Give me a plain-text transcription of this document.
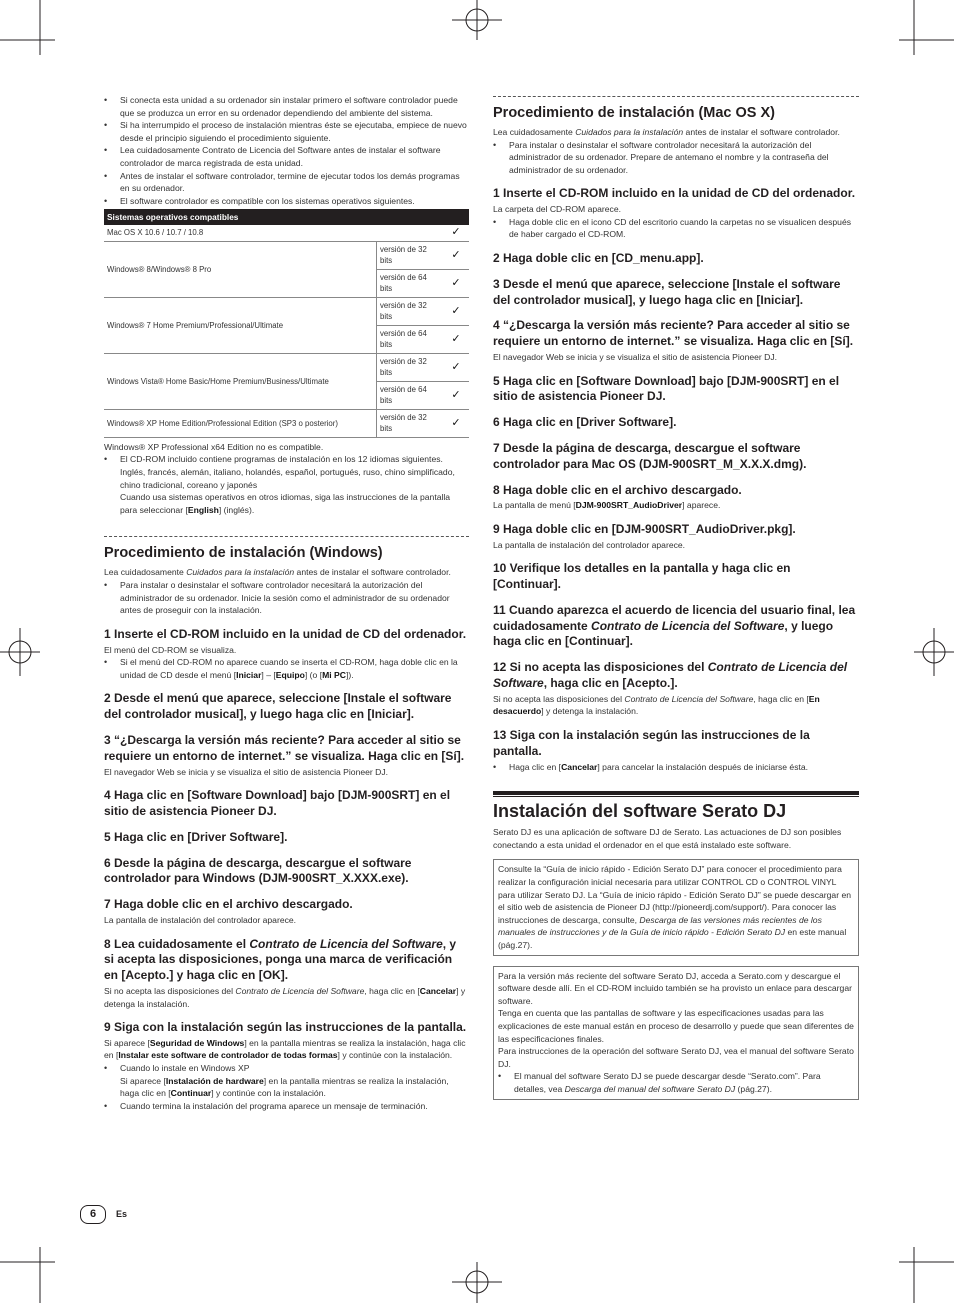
• Si conecta esta unidad a su ordenador sin instalar primero el software controlador puede que se produzca un error en su ordenador dependiendo del ambiente del sistema.
• Si ha interrumpido el proceso de instalación mientras éste se ejecutaba, empiece de nuevo desde el principio siguiendo el procedimiento siguiente.
• Lea cuidadosamente Contrato de Licencia del Software antes de instalar el software controlador de marca registrada de esta unidad.
• Antes de instalar el software controlador, termine de ejecutar todos los demás programas en su ordenador.
• El software controlador es compatible con los sistemas operativos siguientes.
Sistemas operativos compatibles		
Mac OS X 10.6 / 10.7 / 10.8		✓
Windows® 8/Windows® 8 Pro	versión de 32 bits	✓
	versión de 64 bits	✓
Windows® 7 Home Premium/Professional/Ultimate	versión de 32 bits	✓
	versión de 64 bits	✓
Windows Vista® Home Basic/Home Premium/Business/Ultimate	versión de 32 bits	✓
	versión de 64 bits	✓
Windows® XP Home Edition/Professional Edition (SP3 o posterior)	versión de 32 bits	✓

Windows® XP Professional x64 Edition no es compatible.

• El CD-ROM incluido contiene programas de instalación en los 12 idiomas siguientes.
Inglés, francés, alemán, italiano, holandés, español, portugués, ruso, chino simplificado, chino tradicional, coreano y japonés
Cuando usa sistemas operativos en otros idiomas, siga las instrucciones de la pantalla para seleccionar [English] (inglés).
Procedimiento de instalación (Windows)

Lea cuidadosamente Cuidados para la instalación antes de instalar el software controlador.

• Para instalar o desinstalar el software controlador necesitará la autorización del administrador de su ordenador. Inicie la sesión como el administrador de su ordenador antes de proseguir con la instalación.
1 Inserte el CD-ROM incluido en la unidad de CD del ordenador.

El menú del CD-ROM se visualiza.

• Si el menú del CD-ROM no aparece cuando se inserta el CD-ROM, haga doble clic en la unidad de CD desde el menú [Iniciar] – [Equipo] (o [Mi PC]).
2 Desde el menú que aparece, seleccione [Instale el software del controlador musical], y luego haga clic en [Iniciar].
3 “¿Descarga la versión más reciente? Para acceder al sitio se requiere un entorno de internet.” se visualiza. Haga clic en [Sí].

El navegador Web se inicia y se visualiza el sitio de asistencia Pioneer DJ.

4 Haga clic en [Software Download] bajo [DJM-900SRT] en el sitio de asistencia Pioneer DJ.
5 Haga clic en [Driver Software].
6 Desde la página de descarga, descargue el software controlador para Windows (DJM-900SRT_X.XXX.exe).
7 Haga doble clic en el archivo descargado.

La pantalla de instalación del controlador aparece.

8 Lea cuidadosamente el Contrato de Licencia del Software, y si acepta las disposiciones, ponga una marca de verificación en [Acepto.] y haga clic en [OK].

Si no acepta las disposiciones del Contrato de Licencia del Software, haga clic en [Cancelar] y detenga la instalación.

9 Siga con la instalación según las instrucciones de la pantalla.

Si aparece [Seguridad de Windows] en la pantalla mientras se realiza la instalación, haga clic en [Instalar este software de controlador de todas formas] y continúe con la instalación.

• Cuando lo instale en Windows XP
Si aparece [Instalación de hardware] en la pantalla mientras se realiza la instalación, haga clic en [Continuar] y continúe con la instalación.
• Cuando termina la instalación del programa aparece un mensaje de terminación.
Procedimiento de instalación (Mac OS X)

Lea cuidadosamente Cuidados para la instalación antes de instalar el software controlador.

• Para instalar o desinstalar el software controlador necesitará la autorización del administrador de su ordenador. Prepare de antemano el nombre y la contraseña del administrador de su ordenador.
1 Inserte el CD-ROM incluido en la unidad de CD del ordenador.

La carpeta del CD-ROM aparece.

• Haga doble clic en el icono CD del escritorio cuando la carpetas no se visualicen después de haber cargado el CD-ROM.
2 Haga doble clic en [CD_menu.app].
3 Desde el menú que aparece, seleccione [Instale el software del controlador musical], y luego haga clic en [Iniciar].
4 “¿Descarga la versión más reciente? Para acceder al sitio se requiere un entorno de internet.” se visualiza. Haga clic en [Sí].

El navegador Web se inicia y se visualiza el sitio de asistencia Pioneer DJ.

5 Haga clic en [Software Download] bajo [DJM-900SRT] en el sitio de asistencia Pioneer DJ.
6 Haga clic en [Driver Software].
7 Desde la página de descarga, descargue el software controlador para Mac OS (DJM-900SRT_M_X.X.X.dmg).
8 Haga doble clic en el archivo descargado.

La pantalla de menú [DJM-900SRT_AudioDriver] aparece.

9 Haga doble clic en [DJM-900SRT_AudioDriver.pkg].

La pantalla de instalación del controlador aparece.

10 Verifique los detalles en la pantalla y haga clic en [Continuar].
11 Cuando aparezca el acuerdo de licencia del usuario final, lea cuidadosamente Contrato de Licencia del Software, y luego haga clic en [Continuar].
12 Si no acepta las disposiciones del Contrato de Licencia del Software, haga clic en [Acepto.].

Si no acepta las disposiciones del Contrato de Licencia del Software, haga clic en [En desacuerdo] y detenga la instalación.

13 Siga con la instalación según las instrucciones de la pantalla.
• Haga clic en [Cancelar] para cancelar la instalación después de iniciarse ésta.
Instalación del software Serato DJ

Serato DJ es una aplicación de software DJ de Serato. Las actuaciones de DJ son posibles conectando a esta unidad el ordenador en el que está instalado este software.

Consulte la “Guía de inicio rápido - Edición Serato DJ” para conocer el procedimiento para realizar la configuración inicial necesaria para utilizar CONTROL CD o CONTROL VINYL para utilizar Serato DJ. La “Guía de inicio rápido - Edición Serato DJ” se puede descargar en el sitio web de asistencia de Pioneer DJ (http://pioneerdj.com/support/). Para conocer las instrucciones de descarga, consulte, Descarga de las versiones más recientes de los manuales de instrucciones y de la Guía de inicio rápido - Edición Serato DJ en este manual (pág.27).

Para la versión más reciente del software Serato DJ, acceda a Serato.com y descargue el software desde allí. En el CD-ROM incluido también se ha provisto un enlace para descargar software.

Tenga en cuenta que las pantallas de software y las especificaciones usadas para las explicaciones de este manual están en proceso de desarrollo y puede que sean diferentes de las especificaciones finales.

Para instrucciones de la operación del software Serato DJ, vea el manual del software Serato DJ.

• El manual del software Serato DJ se puede descargar desde “Serato.com”. Para detalles, vea Descarga del manual del software Serato DJ (pág.27).
6	Es
